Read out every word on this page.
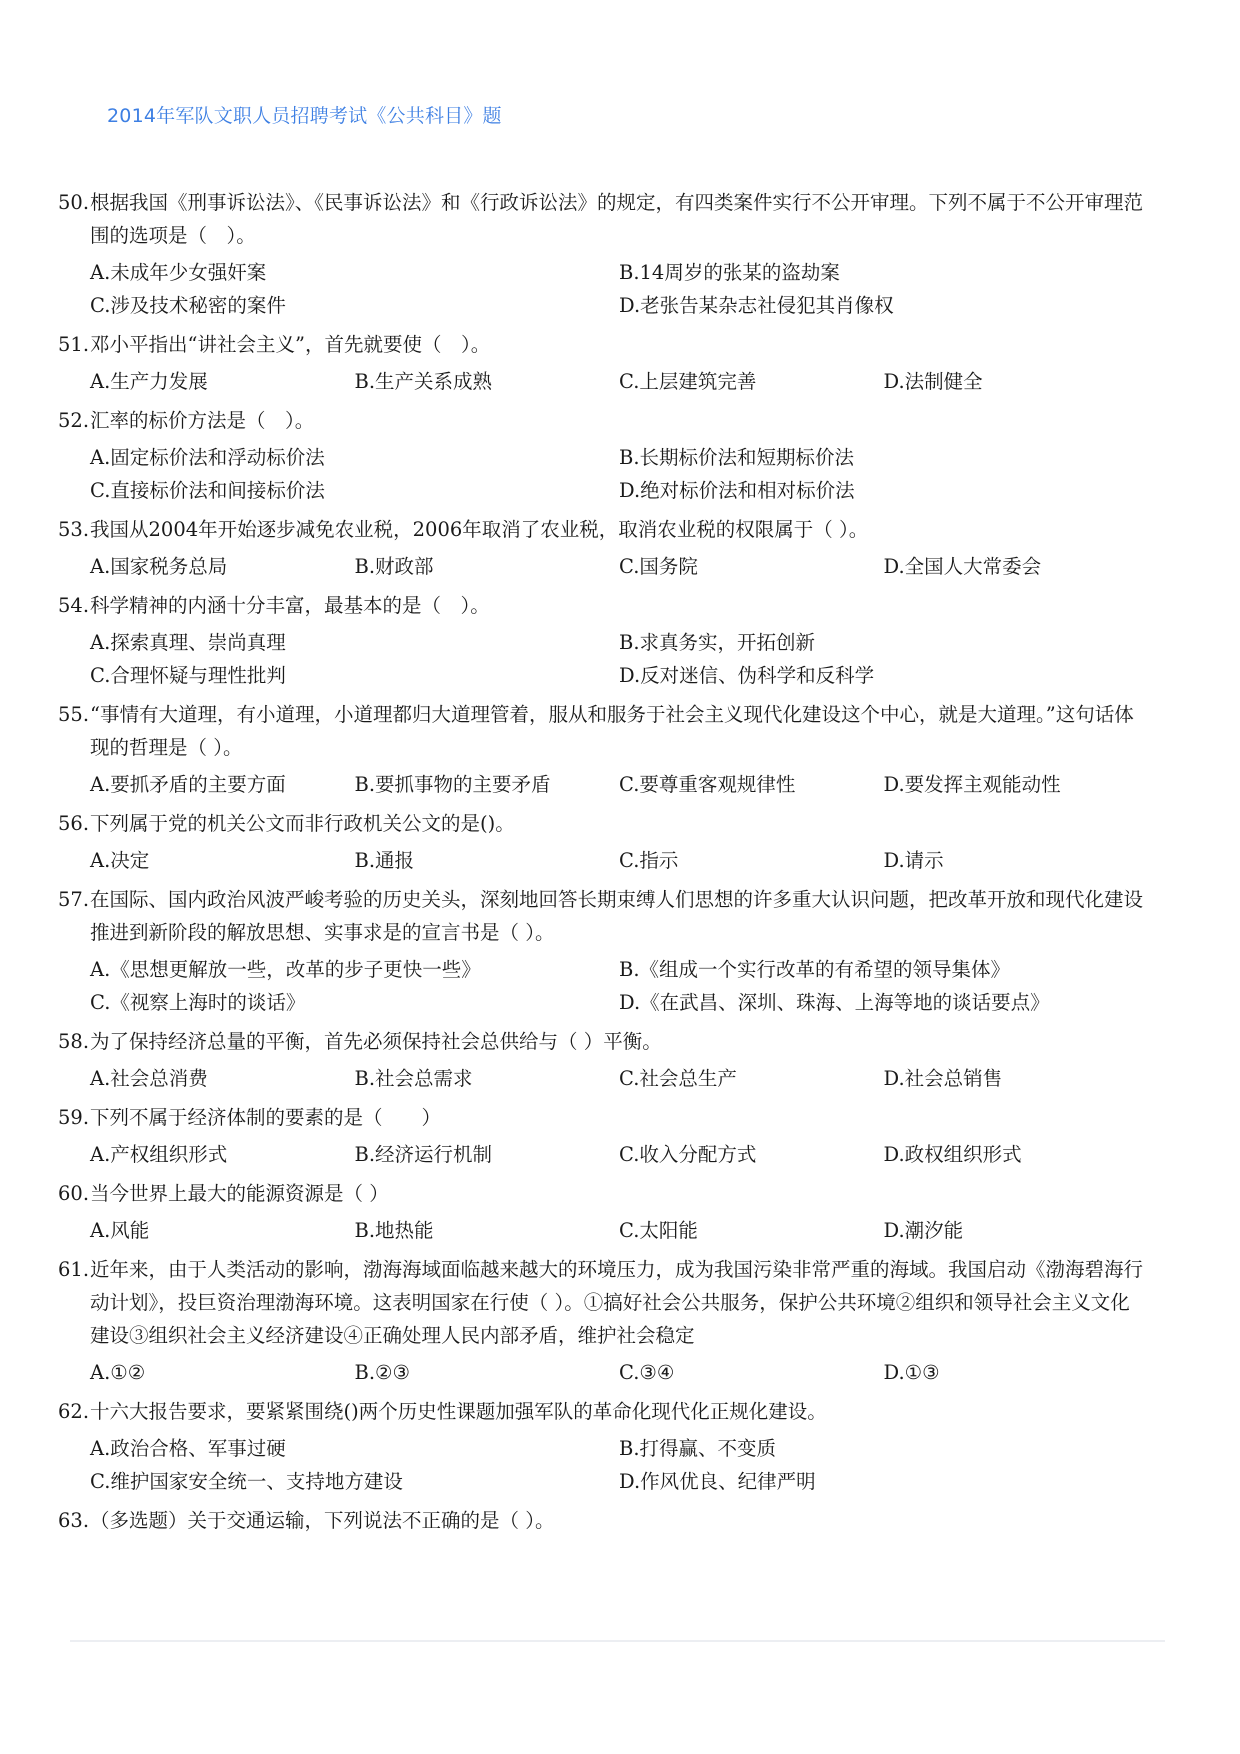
2014年军队文职人员招聘考试《公共科目》题

50.根据我国《刑事诉讼法》、《民事诉讼法》和《行政诉讼法》的规定，有四类案件实行不公开审理。下列不属于不公开审理范围的选项是（　）。

A.未成年少女强奸案	B.14周岁的张某的盗劫案
C.涉及技术秘密的案件	D.老张告某杂志社侵犯其肖像权

51.邓小平指出“讲社会主义”，首先就要使（　）。

A.生产力发展	B.生产关系成熟	C.上层建筑完善	D.法制健全

52.汇率的标价方法是（　）。

A.固定标价法和浮动标价法	B.长期标价法和短期标价法
C.直接标价法和间接标价法	D.绝对标价法和相对标价法

53.我国从2004年开始逐步减免农业税，2006年取消了农业税，取消农业税的权限属于（ ）。

A.国家税务总局	B.财政部	C.国务院	D.全国人大常委会

54.科学精神的内涵十分丰富，最基本的是（　）。

A.探索真理、崇尚真理	B.求真务实，开拓创新
C.合理怀疑与理性批判	D.反对迷信、伪科学和反科学

55.“事情有大道理，有小道理，小道理都归大道理管着，服从和服务于社会主义现代化建设这个中心，就是大道理。”这句话体现的哲理是（ ）。

A.要抓矛盾的主要方面	B.要抓事物的主要矛盾	C.要尊重客观规律性	D.要发挥主观能动性

56.下列属于党的机关公文而非行政机关公文的是()。

A.决定	B.通报	C.指示	D.请示

57.在国际、国内政治风波严峻考验的历史关头，深刻地回答长期束缚人们思想的许多重大认识问题，把改革开放和现代化建设推进到新阶段的解放思想、实事求是的宣言书是（ ）。

A.《思想更解放一些，改革的步子更快一些》	B.《组成一个实行改革的有希望的领导集体》
C.《视察上海时的谈话》	D.《在武昌、深圳、珠海、上海等地的谈话要点》

58.为了保持经济总量的平衡，首先必须保持社会总供给与（ ）平衡。

A.社会总消费	B.社会总需求	C.社会总生产	D.社会总销售

59.下列不属于经济体制的要素的是（　　）

A.产权组织形式	B.经济运行机制	C.收入分配方式	D.政权组织形式

60.当今世界上最大的能源资源是（ ）

A.风能	B.地热能	C.太阳能	D.潮汐能

61.近年来，由于人类活动的影响，渤海海域面临越来越大的环境压力，成为我国污染非常严重的海域。我国启动《渤海碧海行动计划》，投巨资治理渤海环境。这表明国家在行使（ ）。①搞好社会公共服务，保护公共环境②组织和领导社会主义文化建设③组织社会主义经济建设④正确处理人民内部矛盾，维护社会稳定

A.①②	B.②③	C.③④	D.①③

62.十六大报告要求，要紧紧围绕()两个历史性课题加强军队的革命化现代化正规化建设。

A.政治合格、军事过硬	B.打得赢、不变质
C.维护国家安全统一、支持地方建设	D.作风优良、纪律严明

63.（多选题）关于交通运输，下列说法不正确的是（ ）。
